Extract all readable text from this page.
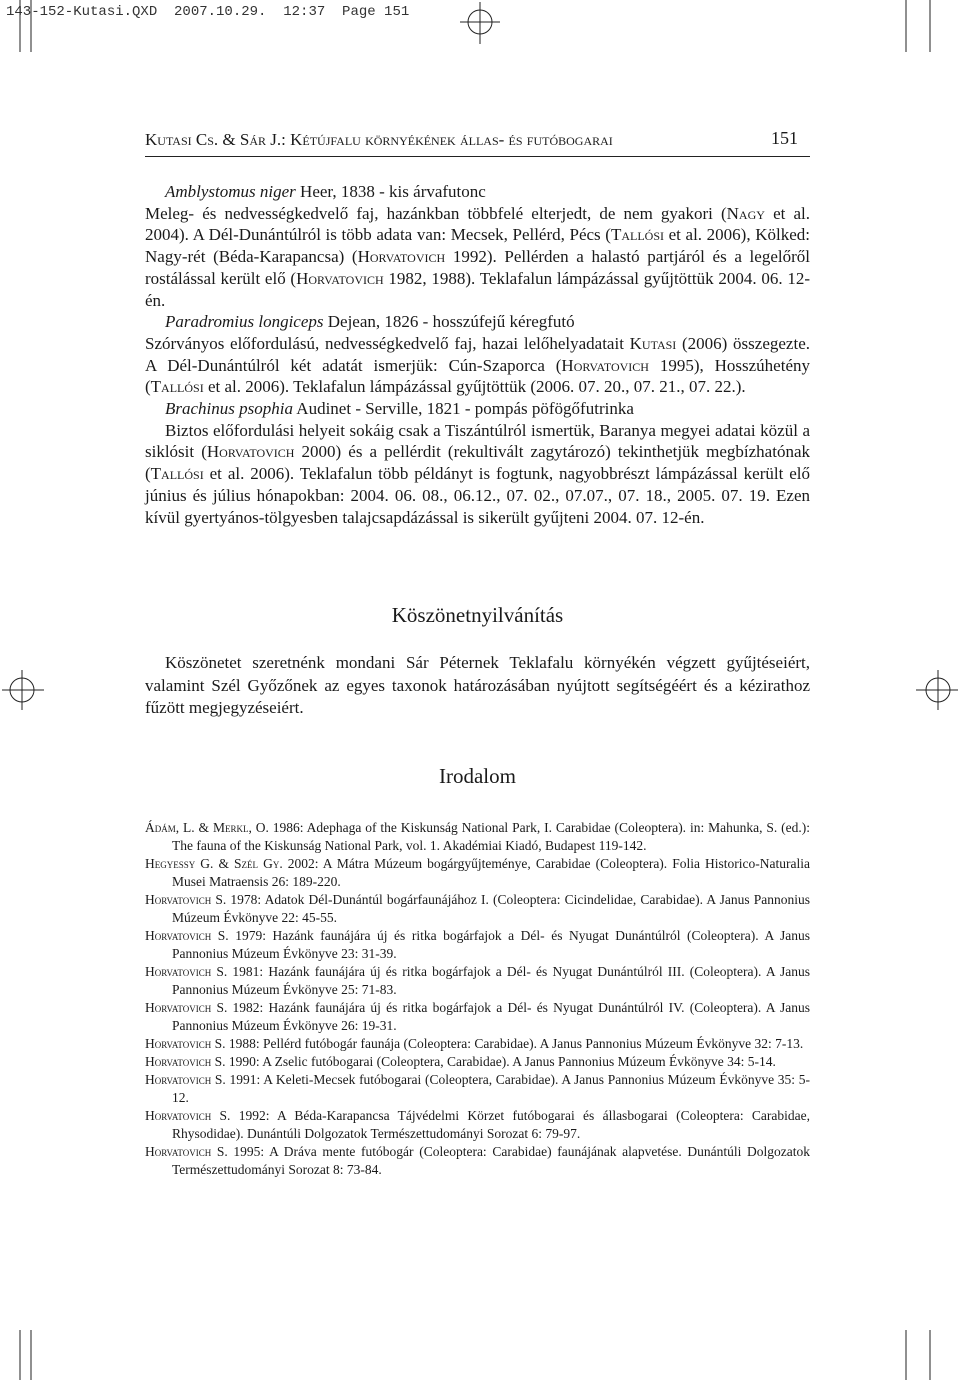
143-152-Kutasi.QXD  2007.10.29.  12:37  Page 151
Kutasi Cs. & Sár J.: Kétújfalu környékének állas- és futóbogarai	151

Amblystomus niger Heer, 1838 - kis árvafutonc

Meleg- és nedvességkedvelő faj, hazánkban többfelé elterjedt, de nem gyakori (Nagy et al. 2004). A Dél-Dunántúlról is több adata van: Mecsek, Pellérd, Pécs (Tallósi et al. 2006), Kölked: Nagy-rét (Béda-Karapancsa) (Horvatovich 1992). Pellérden a halastó partjáról és a legelőről rostálással került elő (Horvatovich 1982, 1988). Teklafalun lámpázással gyűjtöttük 2004. 06. 12-én.

Paradromius longiceps Dejean, 1826 - hosszúfejű kéregfutó

Szórványos előfordulású, nedvességkedvelő faj, hazai lelőhelyadatait Kutasi (2006) összegezte. A Dél-Dunántúlról két adatát ismerjük: Cún-Szaporca (Horvatovich 1995), Hosszúhetény (Tallósi et al. 2006). Teklafalun lámpázással gyűjtöttük (2006. 07. 20., 07. 21., 07. 22.).

Brachinus psophia Audinet - Serville, 1821 - pompás pöfögőfutrinka

Biztos előfordulási helyeit sokáig csak a Tiszántúlról ismertük, Baranya megyei adatai közül a siklósit (Horvatovich 2000) és a pellérdit (rekultivált zagytározó) tekinthetjük megbízhatónak (Tallósi et al. 2006). Teklafalun több példányt is fogtunk, nagyobbrészt lámpázással került elő június és július hónapokban: 2004. 06. 08., 06.12., 07. 02., 07.07., 07. 18., 2005. 07. 19. Ezen kívül gyertyános-tölgyesben talajcsapdázással is sikerült gyűjteni 2004. 07. 12-én.

Köszönetnyilvánítás

Köszönetet szeretnénk mondani Sár Péternek Teklafalu környékén végzett gyűjtéseiért, valamint Szél Győzőnek az egyes taxonok határozásában nyújtott segítségéért és a kézirathoz fűzött megjegyzéseiért.

Irodalom

Ádám, L. & Merkl, O. 1986: Adephaga of the Kiskunság National Park, I. Carabidae (Coleoptera). in: Mahunka, S. (ed.): The fauna of the Kiskunság National Park, vol. 1. Akadémiai Kiadó, Budapest 119-142.

Hegyessy G. & Szél Gy. 2002: A Mátra Múzeum bogárgyűjteménye, Carabidae (Coleoptera). Folia Historico-Naturalia Musei Matraensis 26: 189-220.

Horvatovich S. 1978: Adatok Dél-Dunántúl bogárfaunájához I. (Coleoptera: Cicindelidae, Carabidae). A Janus Pannonius Múzeum Évkönyve 22: 45-55.

Horvatovich S. 1979: Hazánk faunájára új és ritka bogárfajok a Dél- és Nyugat Dunántúlról (Coleoptera). A Janus Pannonius Múzeum Évkönyve 23: 31-39.

Horvatovich S. 1981: Hazánk faunájára új és ritka bogárfajok a Dél- és Nyugat Dunántúlról III. (Coleoptera). A Janus Pannonius Múzeum Évkönyve 25: 71-83.

Horvatovich S. 1982: Hazánk faunájára új és ritka bogárfajok a Dél- és Nyugat Dunántúlról IV. (Coleoptera). A Janus Pannonius Múzeum Évkönyve 26: 19-31.

Horvatovich S. 1988: Pellérd futóbogár faunája (Coleoptera: Carabidae). A Janus Pannonius Múzeum Évkönyve 32: 7-13.

Horvatovich S. 1990: A Zselic futóbogarai (Coleoptera, Carabidae). A Janus Pannonius Múzeum Évkönyve 34: 5-14.

Horvatovich S. 1991: A Keleti-Mecsek futóbogarai (Coleoptera, Carabidae). A Janus Pannonius Múzeum Évkönyve 35: 5-12.

Horvatovich S. 1992: A Béda-Karapancsa Tájvédelmi Körzet futóbogarai és állasbogarai (Coleoptera: Carabidae, Rhysodidae). Dunántúli Dolgozatok Természettudományi Sorozat 6: 79-97.

Horvatovich S. 1995: A Dráva mente futóbogár (Coleoptera: Carabidae) faunájának alapvetése. Dunántúli Dolgozatok Természettudományi Sorozat 8: 73-84.
